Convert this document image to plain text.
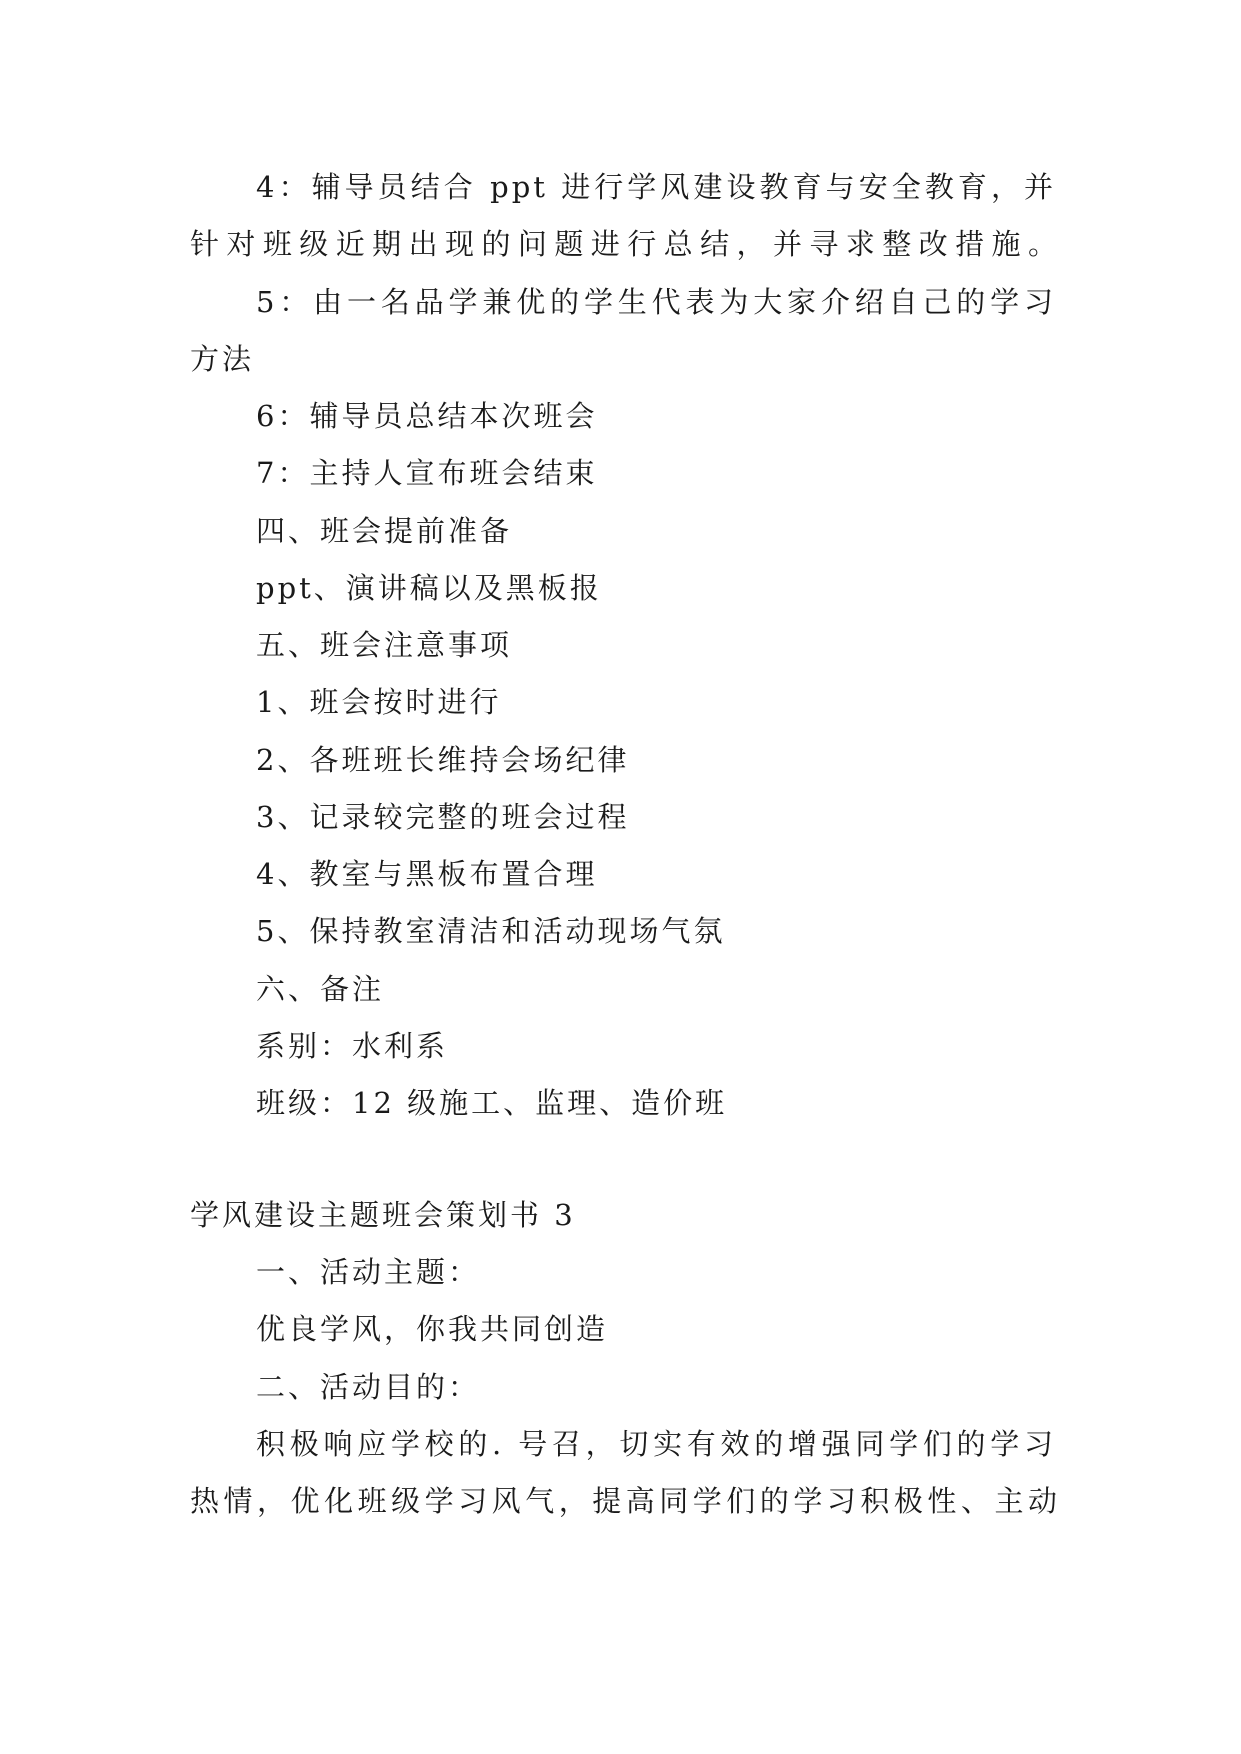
4：辅导员结合 ppt 进行学风建设教育与安全教育，并
针对班级近期出现的问题进行总结，并寻求整改措施。
5：由一名品学兼优的学生代表为大家介绍自己的学习
方法
6：辅导员总结本次班会
7：主持人宣布班会结束
四、班会提前准备
ppt、演讲稿以及黑板报
五、班会注意事项
1、班会按时进行
2、各班班长维持会场纪律
3、记录较完整的班会过程
4、教室与黑板布置合理
5、保持教室清洁和活动现场气氛
六、备注
系别：水利系
班级：12 级施工、监理、造价班
学风建设主题班会策划书 3
一、活动主题：
优良学风，你我共同创造
二、活动目的：
积极响应学校的. 号召，切实有效的增强同学们的学习
热情，优化班级学习风气，提高同学们的学习积极性、主动
